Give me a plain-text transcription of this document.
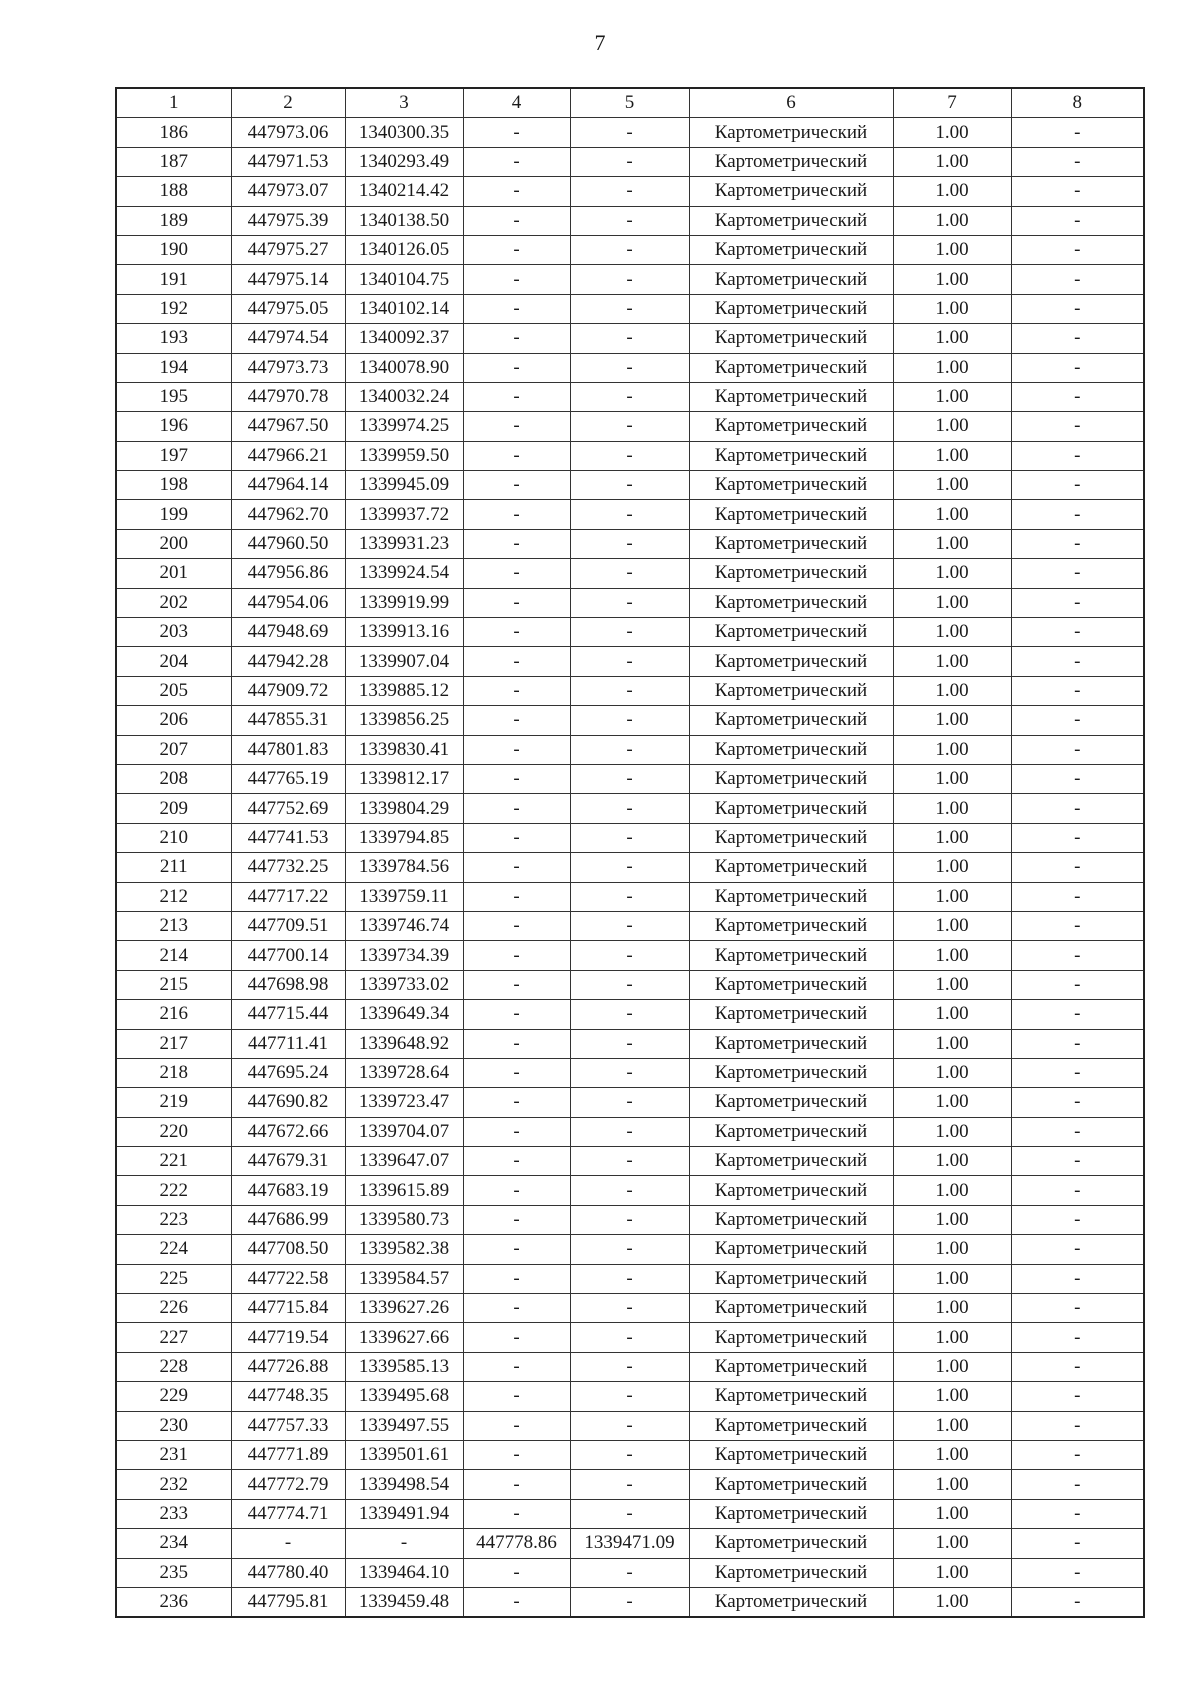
7
1	2	3	4	5	6	7	8
186	447973.06	1340300.35	-	-	Картометрический	1.00	-
187	447971.53	1340293.49	-	-	Картометрический	1.00	-
188	447973.07	1340214.42	-	-	Картометрический	1.00	-
189	447975.39	1340138.50	-	-	Картометрический	1.00	-
190	447975.27	1340126.05	-	-	Картометрический	1.00	-
191	447975.14	1340104.75	-	-	Картометрический	1.00	-
192	447975.05	1340102.14	-	-	Картометрический	1.00	-
193	447974.54	1340092.37	-	-	Картометрический	1.00	-
194	447973.73	1340078.90	-	-	Картометрический	1.00	-
195	447970.78	1340032.24	-	-	Картометрический	1.00	-
196	447967.50	1339974.25	-	-	Картометрический	1.00	-
197	447966.21	1339959.50	-	-	Картометрический	1.00	-
198	447964.14	1339945.09	-	-	Картометрический	1.00	-
199	447962.70	1339937.72	-	-	Картометрический	1.00	-
200	447960.50	1339931.23	-	-	Картометрический	1.00	-
201	447956.86	1339924.54	-	-	Картометрический	1.00	-
202	447954.06	1339919.99	-	-	Картометрический	1.00	-
203	447948.69	1339913.16	-	-	Картометрический	1.00	-
204	447942.28	1339907.04	-	-	Картометрический	1.00	-
205	447909.72	1339885.12	-	-	Картометрический	1.00	-
206	447855.31	1339856.25	-	-	Картометрический	1.00	-
207	447801.83	1339830.41	-	-	Картометрический	1.00	-
208	447765.19	1339812.17	-	-	Картометрический	1.00	-
209	447752.69	1339804.29	-	-	Картометрический	1.00	-
210	447741.53	1339794.85	-	-	Картометрический	1.00	-
211	447732.25	1339784.56	-	-	Картометрический	1.00	-
212	447717.22	1339759.11	-	-	Картометрический	1.00	-
213	447709.51	1339746.74	-	-	Картометрический	1.00	-
214	447700.14	1339734.39	-	-	Картометрический	1.00	-
215	447698.98	1339733.02	-	-	Картометрический	1.00	-
216	447715.44	1339649.34	-	-	Картометрический	1.00	-
217	447711.41	1339648.92	-	-	Картометрический	1.00	-
218	447695.24	1339728.64	-	-	Картометрический	1.00	-
219	447690.82	1339723.47	-	-	Картометрический	1.00	-
220	447672.66	1339704.07	-	-	Картометрический	1.00	-
221	447679.31	1339647.07	-	-	Картометрический	1.00	-
222	447683.19	1339615.89	-	-	Картометрический	1.00	-
223	447686.99	1339580.73	-	-	Картометрический	1.00	-
224	447708.50	1339582.38	-	-	Картометрический	1.00	-
225	447722.58	1339584.57	-	-	Картометрический	1.00	-
226	447715.84	1339627.26	-	-	Картометрический	1.00	-
227	447719.54	1339627.66	-	-	Картометрический	1.00	-
228	447726.88	1339585.13	-	-	Картометрический	1.00	-
229	447748.35	1339495.68	-	-	Картометрический	1.00	-
230	447757.33	1339497.55	-	-	Картометрический	1.00	-
231	447771.89	1339501.61	-	-	Картометрический	1.00	-
232	447772.79	1339498.54	-	-	Картометрический	1.00	-
233	447774.71	1339491.94	-	-	Картометрический	1.00	-
234	-	-	447778.86	1339471.09	Картометрический	1.00	-
235	447780.40	1339464.10	-	-	Картометрический	1.00	-
236	447795.81	1339459.48	-	-	Картометрический	1.00	-
